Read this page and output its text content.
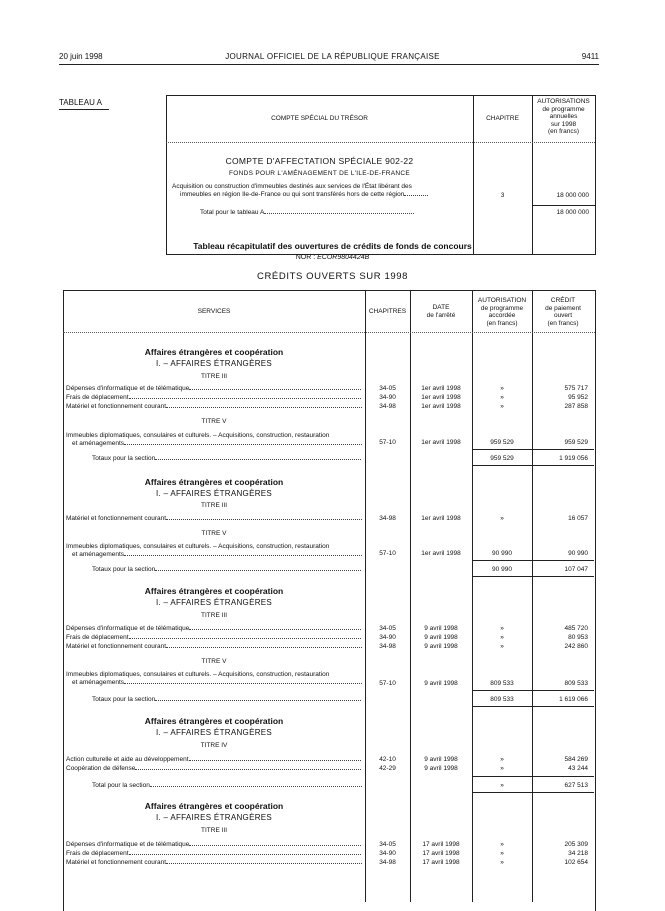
20 juin 1998	JOURNAL OFFICIEL DE LA RÉPUBLIQUE FRANÇAISE	9411
TABLEAU A
COMPTE SPÉCIAL DU TRÉSOR	CHAPITRE
AUTORISATIONS
de programme
annuelles
sur 1998
(en francs)
COMPTE D'AFFECTATION SPÉCIALE 902-22
FONDS POUR L'AMÉNAGEMENT DE L'ILE-DE-FRANCE
Acquisition ou construction d'immeubles destinés aux services de l'État libérant des
immeubles en région Ile-de-France ou qui sont transférés hors de cette région	3	18 000 000
Total pour le tableau A	18 000 000
Tableau récapitulatif des ouvertures de crédits de fonds de concours
NOR : ECOR9804424B
CRÉDITS OUVERTS SUR 1998
SERVICES	CHAPITRES
DATE
de l'arrêté
AUTORISATION
de programme
accordée
(en francs)
CRÉDIT
de paiement
ouvert
(en francs)
Affaires étrangères et coopération
I. – AFFAIRES ÉTRANGÈRES
TITRE III
Dépenses d'informatique et de télématique	34-05	1er avril 1998	»	575 717
Frais de déplacement	34-90	1er avril 1998	»	95 952
Matériel et fonctionnement courant	34-98	1er avril 1998	»	287 858
TITRE V
Immeubles diplomatiques, consulaires et culturels. – Acquisitions, construction, restauration
et aménagements	57-10	1er avril 1998	959 529	959 529
Totaux pour la section	959 529	1 919 056
Affaires étrangères et coopération
I. – AFFAIRES ÉTRANGÈRES
TITRE III
Matériel et fonctionnement courant	34-98	1er avril 1998	»	16 057
TITRE V
Immeubles diplomatiques, consulaires et culturels. – Acquisitions, construction, restauration
et aménagements	57-10	1er avril 1998	90 990	90 990
Totaux pour la section	90 990	107 047
Affaires étrangères et coopération
I. – AFFAIRES ÉTRANGÈRES
TITRE III
Dépenses d'informatique et de télématique	34-05	9 avril 1998	»	485 720
Frais de déplacement	34-90	9 avril 1998	»	80 953
Matériel et fonctionnement courant	34-98	9 avril 1998	»	242 860
TITRE V
Immeubles diplomatiques, consulaires et culturels. – Acquisitions, construction, restauration
et aménagements	57-10	9 avril 1998	809 533	809 533
Totaux pour la section	809 533	1 619 066
Affaires étrangères et coopération
I. – AFFAIRES ÉTRANGÈRES
TITRE IV
Action culturelle et aide au développement	42-10	9 avril 1998	»	584 269
Coopération de défense	42-29	9 avril 1998	»	43 244
Total pour la section	»	627 513
Affaires étrangères et coopération
I. – AFFAIRES ÉTRANGÈRES
TITRE III
Dépenses d'informatique et de télématique	34-05	17 avril 1998	»	205 309
Frais de déplacement	34-90	17 avril 1998	»	34 218
Matériel et fonctionnement courant	34-98	17 avril 1998	»	102 654
